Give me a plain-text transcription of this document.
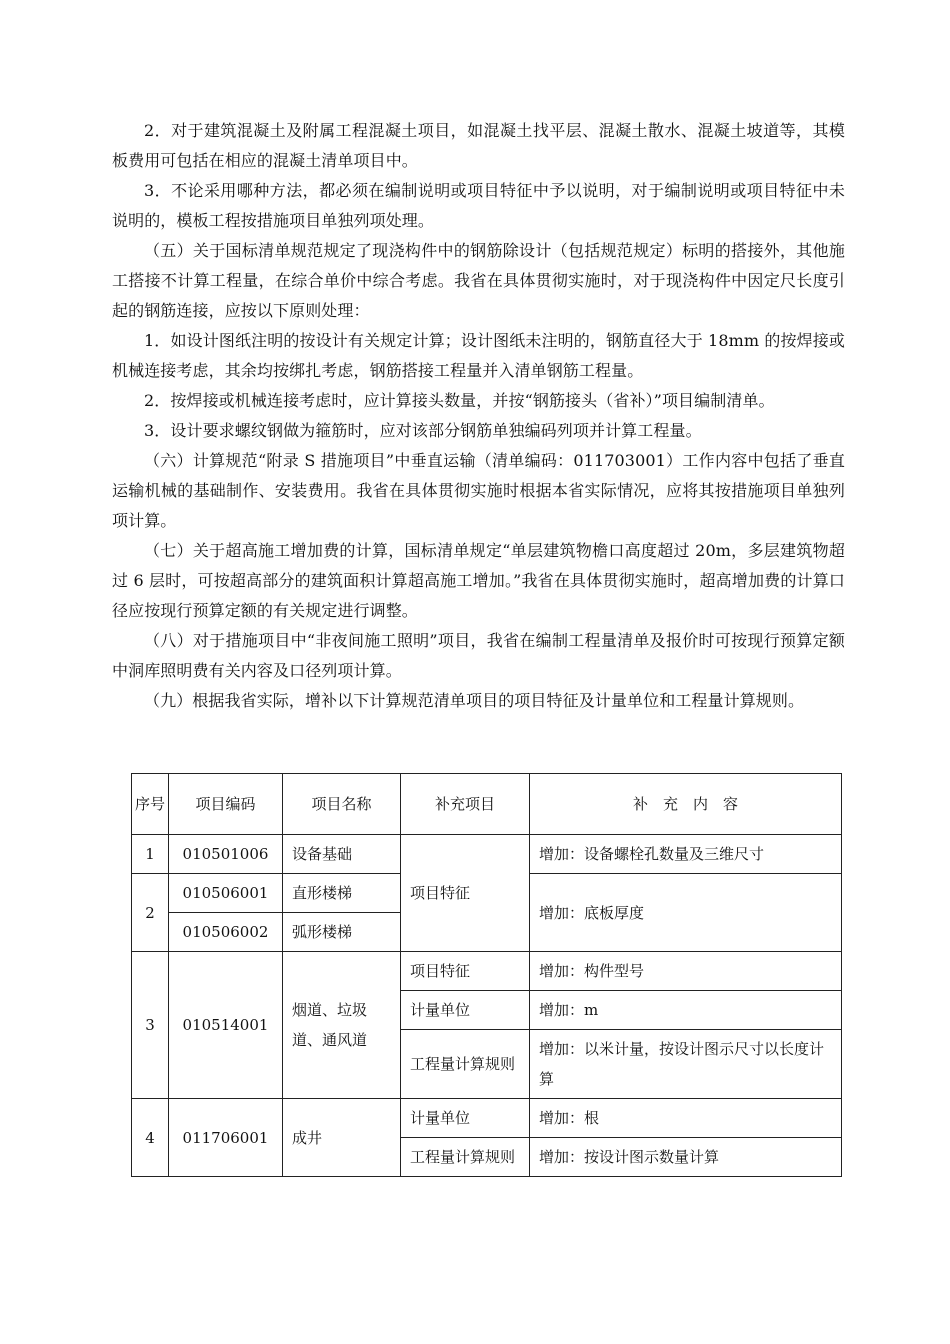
2．对于建筑混凝土及附属工程混凝土项目，如混凝土找平层、混凝土散水、混凝土坡道等，其模板费用可包括在相应的混凝土清单项目中。

3．不论采用哪种方法，都必须在编制说明或项目特征中予以说明，对于编制说明或项目特征中未说明的，模板工程按措施项目单独列项处理。

（五）关于国标清单规范规定了现浇构件中的钢筋除设计（包括规范规定）标明的搭接外，其他施工搭接不计算工程量，在综合单价中综合考虑。我省在具体贯彻实施时，对于现浇构件中因定尺长度引起的钢筋连接，应按以下原则处理：

1．如设计图纸注明的按设计有关规定计算；设计图纸未注明的，钢筋直径大于 18mm 的按焊接或机械连接考虑，其余均按绑扎考虑，钢筋搭接工程量并入清单钢筋工程量。

2．按焊接或机械连接考虑时，应计算接头数量，并按“钢筋接头（省补）”项目编制清单。

3．设计要求螺纹钢做为箍筋时，应对该部分钢筋单独编码列项并计算工程量。

（六）计算规范“附录 S 措施项目”中垂直运输（清单编码：011703001）工作内容中包括了垂直运输机械的基础制作、安装费用。我省在具体贯彻实施时根据本省实际情况，应将其按措施项目单独列项计算。

（七）关于超高施工增加费的计算，国标清单规定“单层建筑物檐口高度超过 20m，多层建筑物超过 6 层时，可按超高部分的建筑面积计算超高施工增加。”我省在具体贯彻实施时，超高增加费的计算口径应按现行预算定额的有关规定进行调整。

（八）对于措施项目中“非夜间施工照明”项目，我省在编制工程量清单及报价时可按现行预算定额中洞库照明费有关内容及口径列项计算。

（九）根据我省实际，增补以下计算规范清单项目的项目特征及计量单位和工程量计算规则。

序号	项目编码	项目名称	补充项目	补　充　内　容
1	010501006	设备基础	项目特征	增加：设备螺栓孔数量及三维尺寸
2	010506001	直形楼梯		增加：底板厚度
	010506002	弧形楼梯		
3	010514001	烟道、垃圾道、通风道	项目特征	增加：构件型号
			计量单位	增加：m
			工程量计算规则	增加：以米计量，按设计图示尺寸以长度计算
4	011706001	成井	计量单位	增加：根
			工程量计算规则	增加：按设计图示数量计算
